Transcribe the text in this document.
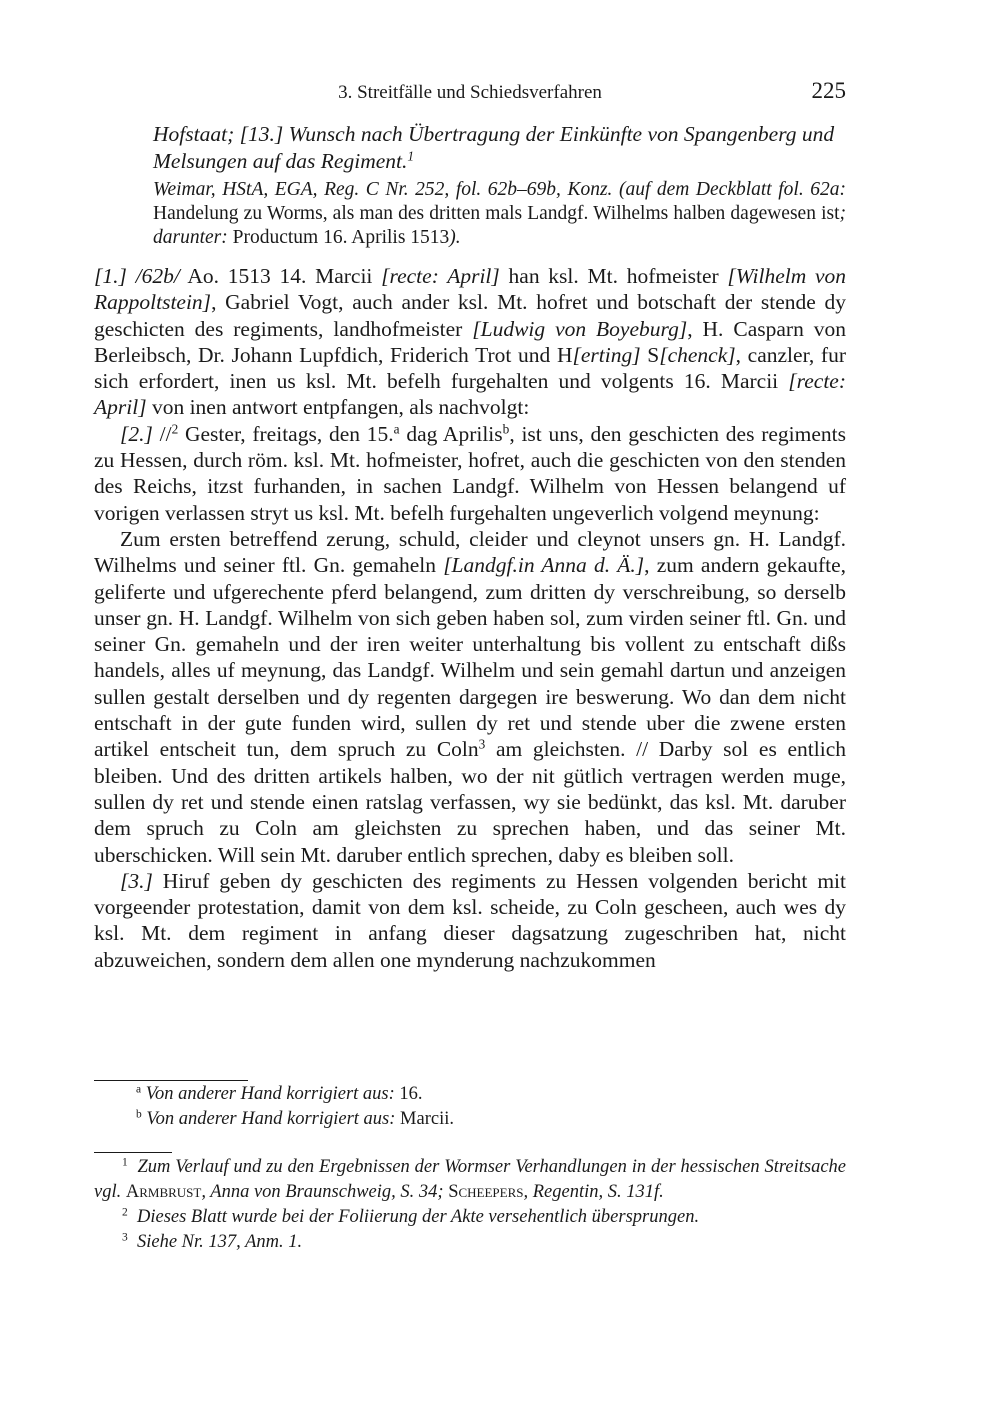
3. Streitfälle und Schiedsverfahren	225

Hofstaat; [13.] Wunsch nach Übertragung der Einkünfte von Spangenberg und Melsungen auf das Regiment.$^1$

Weimar, HStA, EGA, Reg. C Nr. 252, fol. 62b–69b, Konz. (auf dem Deckblatt fol. 62a: Handelung zu Worms, als man des dritten mals Landgf. Wilhelms halben dagewesen ist; darunter: Productum 16. Aprilis 1513).

[1.] /62b/ Ao. 1513 14. Marcii [recte: April] han ksl. Mt. hofmeister [Wilhelm von Rappoltstein], Gabriel Vogt, auch ander ksl. Mt. hofret und botschaft der stende dy geschicten des regiments, landhofmeister [Ludwig von Boyeburg], H. Casparn von Berleibsch, Dr. Johann Lupfdich, Friderich Trot und H[erting] S[chenck], canzler, fur sich erfordert, inen us ksl. Mt. befelh furgehalten und volgents 16. Marcii [recte: April] von inen antwort entpfangen, als nachvolgt:

[2.] //$^2$ Gester, freitags, den 15.$^a$ dag Aprilis$^b$, ist uns, den geschicten des regiments zu Hessen, durch röm. ksl. Mt. hofmeister, hofret, auch die geschicten von den stenden des Reichs, itzst furhanden, in sachen Landgf. Wilhelm von Hessen belangend uf vorigen verlassen stryt us ksl. Mt. befelh furgehalten ungeverlich volgend meynung:

Zum ersten betreffend zerung, schuld, cleider und cleynot unsers gn. H. Landgf. Wilhelms und seiner ftl. Gn. gemaheln [Landgf.in Anna d. Ä.], zum andern gekaufte, geliferte und ufgerechente pferd belangend, zum dritten dy verschreibung, so derselb unser gn. H. Landgf. Wilhelm von sich geben haben sol, zum virden seiner ftl. Gn. und seiner Gn. gemaheln und der iren weiter unterhaltung bis vollent zu entschaft dißs handels, alles uf meynung, das Landgf. Wilhelm und sein gemahl dartun und anzeigen sullen gestalt derselben und dy regenten dargegen ire beswerung. Wo dan dem nicht entschaft in der gute funden wird, sullen dy ret und stende uber die zwene ersten artikel entscheit tun, dem spruch zu Coln$^3$ am gleichsten. // Darby sol es entlich bleiben. Und des dritten artikels halben, wo der nit gütlich vertragen werden muge, sullen dy ret und stende einen ratslag verfassen, wy sie bedünkt, das ksl. Mt. daruber dem spruch zu Coln am gleichsten zu sprechen haben, und das seiner Mt. uberschicken. Will sein Mt. daruber entlich sprechen, daby es bleiben soll.

[3.] Hiruf geben dy geschicten des regiments zu Hessen volgenden bericht mit vorgeender protestation, damit von dem ksl. scheide, zu Coln gescheen, auch wes dy ksl. Mt. dem regiment in anfang dieser dagsatzung zugeschriben hat, nicht abzuweichen, sondern dem allen one mynderung nachzukommen

$^a$ Von anderer Hand korrigiert aus: 16.

$^b$ Von anderer Hand korrigiert aus: Marcii.

$^1$ Zum Verlauf und zu den Ergebnissen der Wormser Verhandlungen in der hessischen Streitsache vgl. Armbrust, Anna von Braunschweig, S. 34; Scheepers, Regentin, S. 131f.

$^2$ Dieses Blatt wurde bei der Foliierung der Akte versehentlich übersprungen.

$^3$ Siehe Nr. 137, Anm. 1.
